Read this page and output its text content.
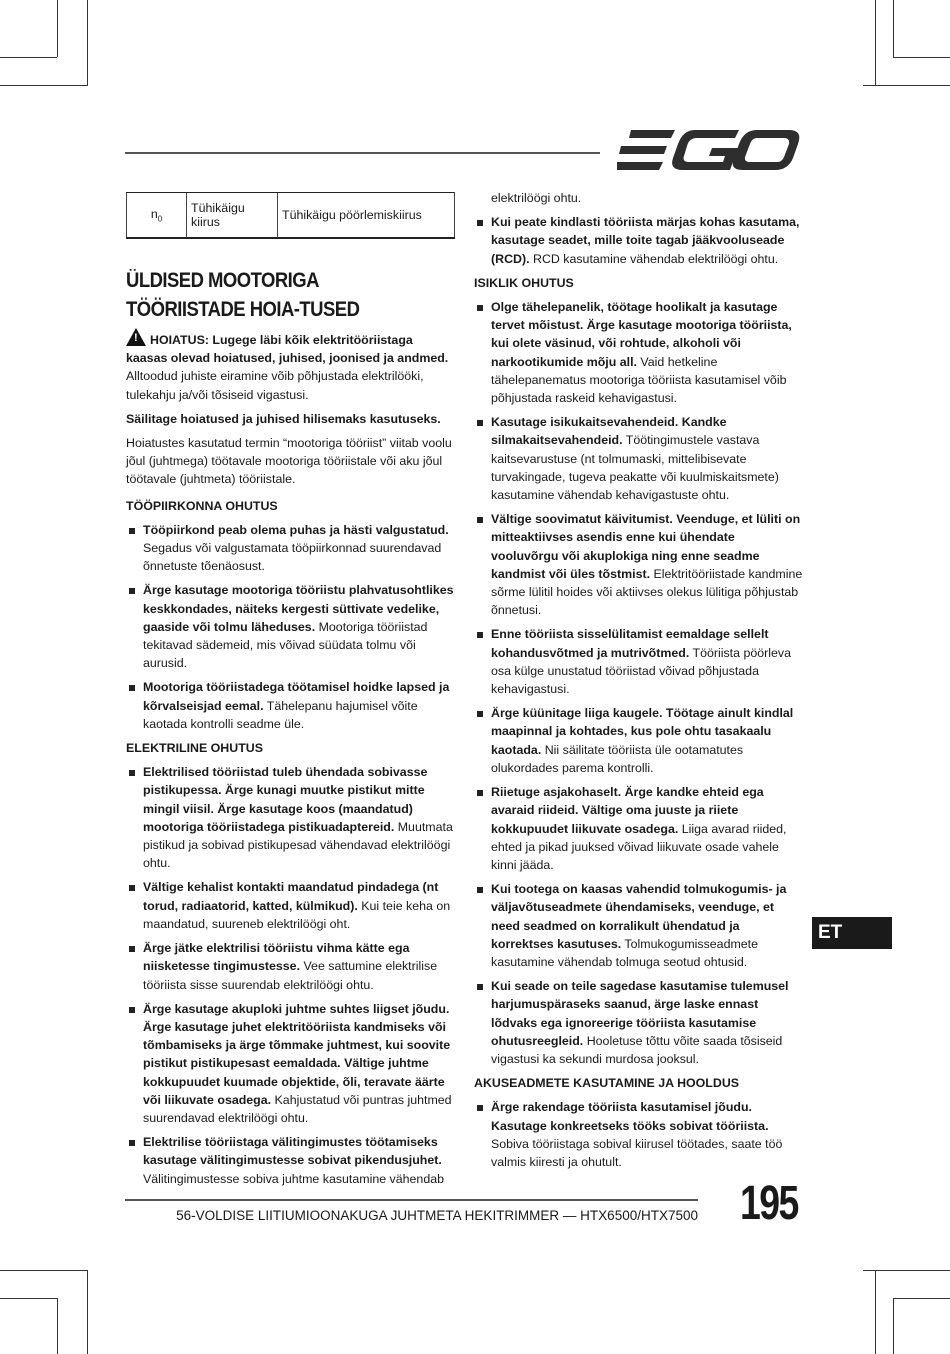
$n_0$	Tühikäigu kiirus	Tühikäigu pöörlemiskiirus
ÜLDISED MOOTORIGA TÖÖRIISTADE HOIA-TUSED

! HOIATUS: Lugege läbi kõik elektritööriistaga kaasas olevad hoiatused, juhised, joonised ja andmed. Alltoodud juhiste eiramine võib põhjustada elektrilööki, tulekahju ja/või tõsiseid vigastusi.

Säilitage hoiatused ja juhised hilisemaks kasutuseks.

Hoiatustes kasutatud termin “mootoriga tööriist” viitab voolu jõul (juhtmega) töötavale mootoriga tööriistale või aku jõul töötavale (juhtmeta) tööriistale.

TÖÖPIIRKONNA OHUTUS

Tööpiirkond peab olema puhas ja hästi valgustatud. Segadus või valgustamata tööpiirkonnad suurendavad õnnetuste tõenäosust.
Ärge kasutage mootoriga tööriistu plahvatusohtlikes keskkondades, näiteks kergesti süttivate vedelike, gaaside või tolmu läheduses. Mootoriga tööriistad tekitavad sädemeid, mis võivad süüdata tolmu või aurusid.
Mootoriga tööriistadega töötamisel hoidke lapsed ja kõrvalseisjad eemal. Tähelepanu hajumisel võite kaotada kontrolli seadme üle.

ELEKTRILINE OHUTUS

Elektrilised tööriistad tuleb ühendada sobivasse pistikupessa. Ärge kunagi muutke pistikut mitte mingil viisil. Ärge kasutage koos (maandatud) mootoriga tööriistadega pistikuadaptereid. Muutmata pistikud ja sobivad pistikupesad vähendavad elektrilöögi ohtu.
Vältige kehalist kontakti maandatud pindadega (nt torud, radiaatorid, katted, külmikud). Kui teie keha on maandatud, suureneb elektrilöögi oht.
Ärge jätke elektrilisi tööriistu vihma kätte ega niisketesse tingimustesse. Vee sattumine elektrilise tööriista sisse suurendab elektrilöögi ohtu.
Ärge kasutage akuploki juhtme suhtes liigset jõudu. Ärge kasutage juhet elektritööriista kandmiseks või tõmbamiseks ja ärge tõmmake juhtmest, kui soovite pistikut pistikupesast eemaldada. Vältige juhtme kokkupuudet kuumade objektide, õli, teravate äärte või liikuvate osadega. Kahjustatud või puntras juhtmed suurendavad elektrilöögi ohtu.
Elektrilise tööriistaga välitingimustes töötamiseks kasutage välitingimustesse sobivat pikendusjuhet. Välitingimustesse sobiva juhtme kasutamine vähendab

elektrilöögi ohtu.

Kui peate kindlasti tööriista märjas kohas kasutama, kasutage seadet, mille toite tagab jääkvooluseade (RCD). RCD kasutamine vähendab elektrilöögi ohtu.

ISIKLIK OHUTUS

Olge tähelepanelik, töötage hoolikalt ja kasutage tervet mõistust. Ärge kasutage mootoriga tööriista, kui olete väsinud, või rohtude, alkoholi või narkootikumide mõju all. Vaid hetkeline tähelepanematus mootoriga tööriista kasutamisel võib põhjustada raskeid kehavigastusi.
Kasutage isikukaitsevahendeid. Kandke silmakaitsevahendeid. Töötingimustele vastava kaitsevarustuse (nt tolmumaski, mittelibisevate turvakingade, tugeva peakatte või kuulmiskaitsmete) kasutamine vähendab kehavigastuste ohtu.
Vältige soovimatut käivitumist. Veenduge, et lüliti on mitteaktiivses asendis enne kui ühendate vooluvõrgu või akuplokiga ning enne seadme kandmist või üles tõstmist. Elektritööriistade kandmine sõrme lülitil hoides või aktiivses olekus lülitiga põhjustab õnnetusi.
Enne tööriista sisselülitamist eemaldage sellelt kohandusvõtmed ja mutrivõtmed. Tööriista pöörleva osa külge unustatud tööriistad võivad põhjustada kehavigastusi.
Ärge küünitage liiga kaugele. Töötage ainult kindlal maapinnal ja kohtades, kus pole ohtu tasakaalu kaotada. Nii säilitate tööriista üle ootamatutes olukordades parema kontrolli.
Riietuge asjakohaselt. Ärge kandke ehteid ega avaraid riideid. Vältige oma juuste ja riiete kokkupuudet liikuvate osadega. Liiga avarad riided, ehted ja pikad juuksed võivad liikuvate osade vahele kinni jääda.
Kui tootega on kaasas vahendid tolmukogumis- ja väljavõtuseadmete ühendamiseks, veenduge, et need seadmed on korralikult ühendatud ja korrektses kasutuses. Tolmukogumisseadmete kasutamine vähendab tolmuga seotud ohtusid.
Kui seade on teile sagedase kasutamise tulemusel harjumuspäraseks saanud, ärge laske ennast lõdvaks ega ignoreerige tööriista kasutamise ohutusreegleid. Hooletuse tõttu võite saada tõsiseid vigastusi ka sekundi murdosa jooksul.

AKUSEADMETE KASUTAMINE JA HOOLDUS

Ärge rakendage tööriista kasutamisel jõudu. Kasutage konkreetseks tööks sobivat tööriista. Sobiva tööriistaga sobival kiirusel töötades, saate töö valmis kiiresti ja ohutult.
ET
56-VOLDISE LIITIUMIOONAKUGA JUHTMETA HEKITRIMMER — HTX6500/HTX7500 195
